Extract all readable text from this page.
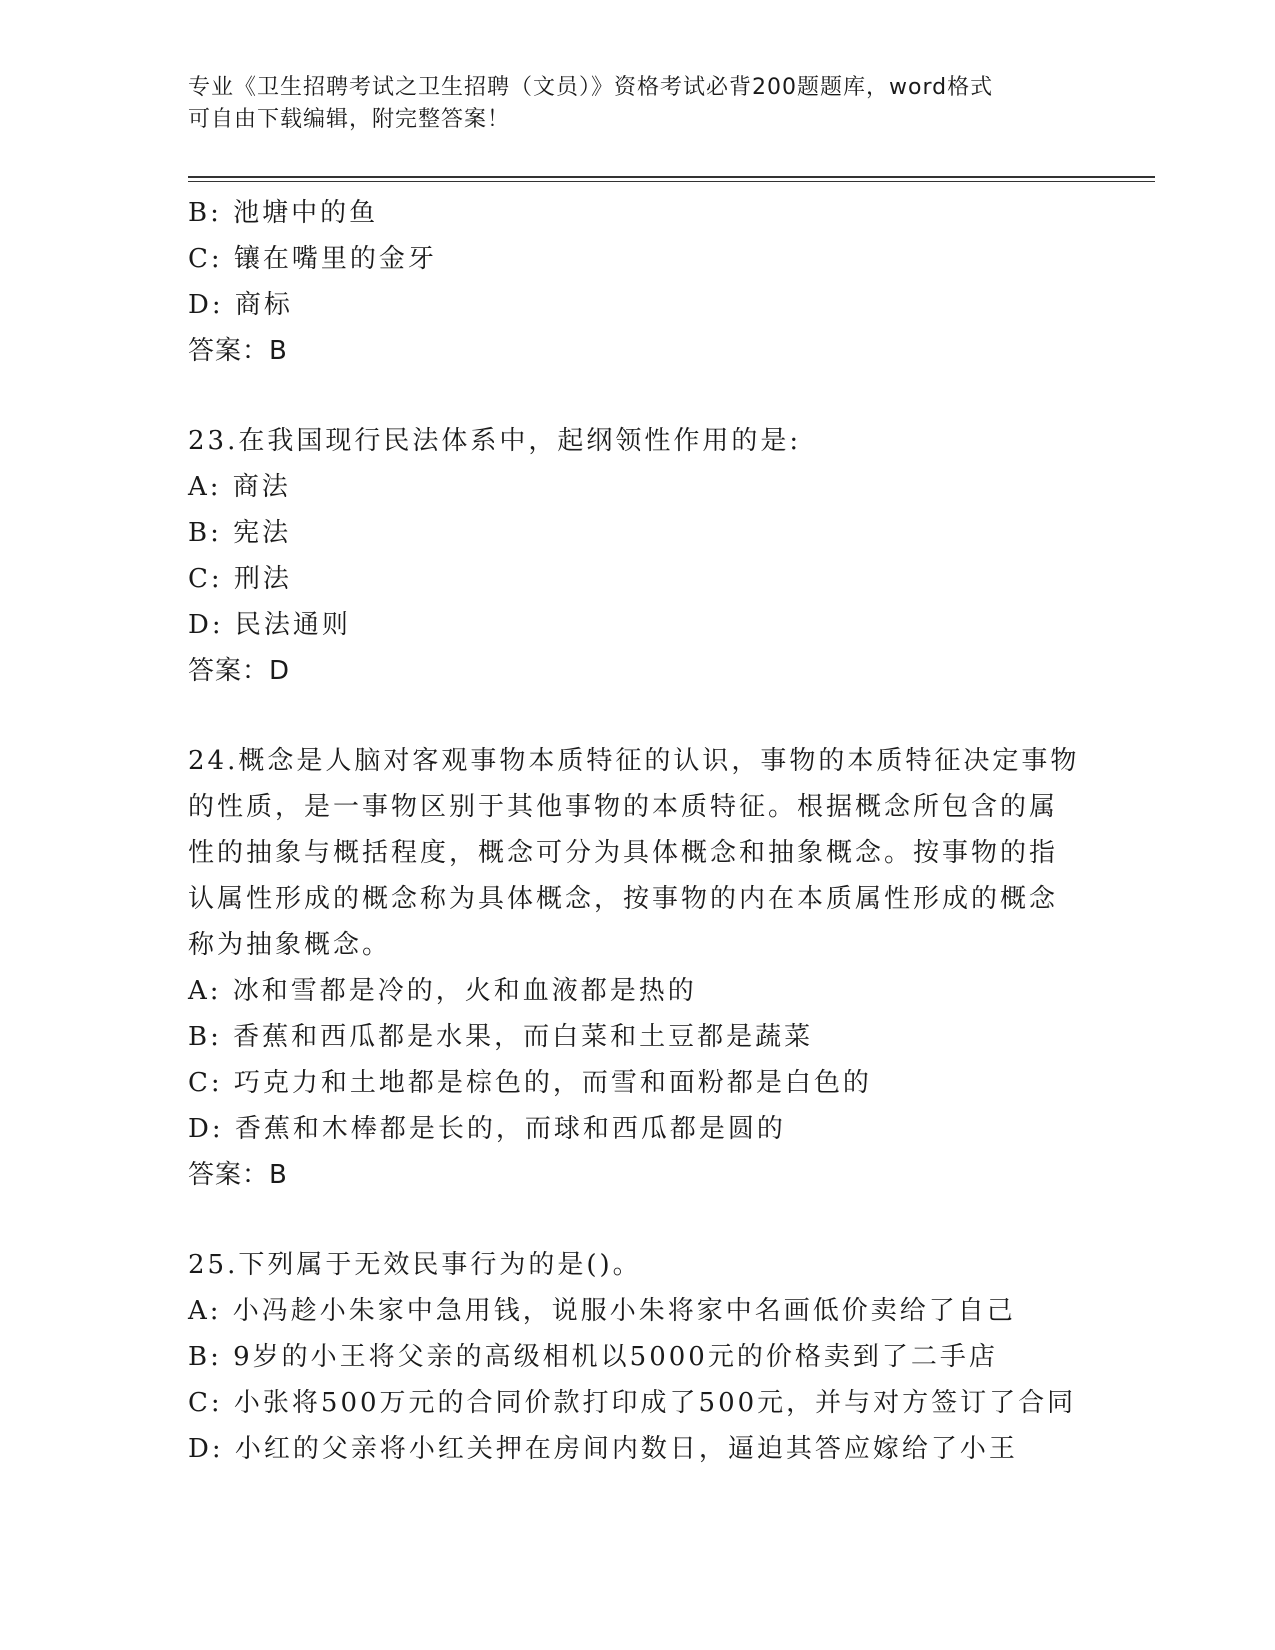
专业《卫生招聘考试之卫生招聘（文员）》资格考试必背200题题库，word格式
可自由下载编辑，附完整答案！
B: 池塘中的鱼
C: 镶在嘴里的金牙
D: 商标
答案：B
23.在我国现行民法体系中，起纲领性作用的是:
A: 商法
B: 宪法
C: 刑法
D: 民法通则
答案：D
24.概念是人脑对客观事物本质特征的认识，事物的本质特征决定事物
的性质，是一事物区别于其他事物的本质特征。根据概念所包含的属
性的抽象与概括程度，概念可分为具体概念和抽象概念。按事物的指
认属性形成的概念称为具体概念，按事物的内在本质属性形成的概念
称为抽象概念。
A: 冰和雪都是冷的，火和血液都是热的
B: 香蕉和西瓜都是水果，而白菜和土豆都是蔬菜
C: 巧克力和土地都是棕色的，而雪和面粉都是白色的
D: 香蕉和木棒都是长的，而球和西瓜都是圆的
答案：B
25.下列属于无效民事行为的是()。
A: 小冯趁小朱家中急用钱，说服小朱将家中名画低价卖给了自己
B: 9岁的小王将父亲的高级相机以5000元的价格卖到了二手店
C: 小张将500万元的合同价款打印成了500元，并与对方签订了合同
D: 小红的父亲将小红关押在房间内数日，逼迫其答应嫁给了小王
